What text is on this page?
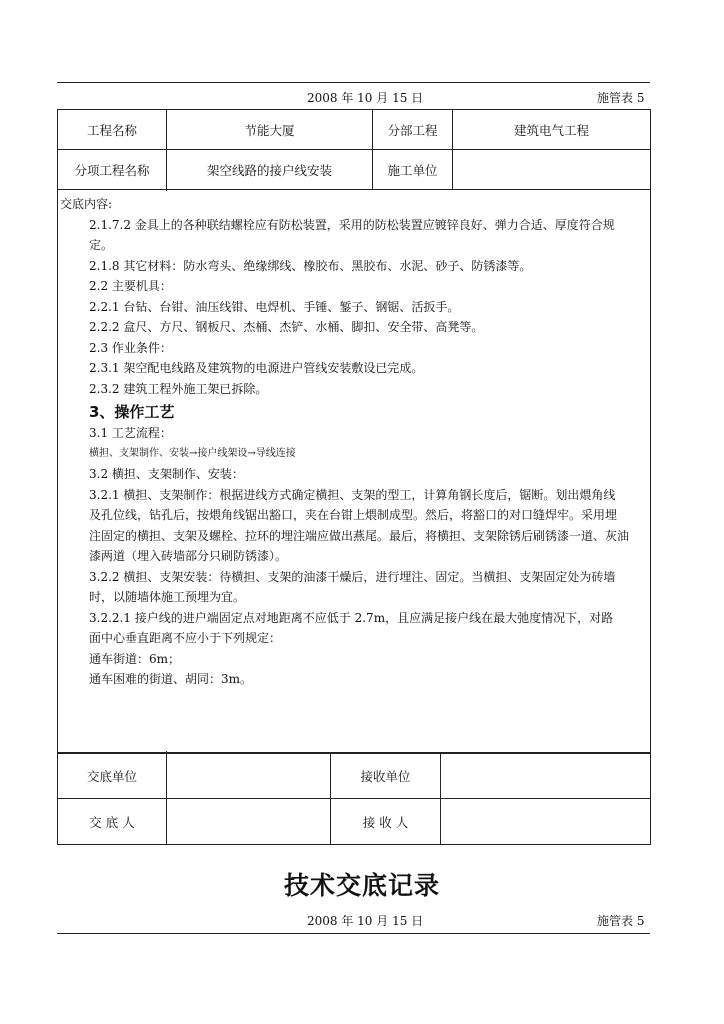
2008 年 10 月 15 日	施管表 5
工程名称	节能大厦	分部工程	建筑电气工程
分项工程名称	架空线路的接户线安装	施工单位	

交底内容:

2.1.7.2 金具上的各种联结螺栓应有防松装置，采用的防松装置应镀锌良好、弹力合适、厚度符合规

定。

2.1.8 其它材料：防水弯头、绝缘绑线、橡胶布、黑胶布、水泥、砂子、防锈漆等。

2.2 主要机具：

2.2.1 台钻、台钳、油压线钳、电焊机、手锤、錾子、钢锯、活扳手。

2.2.2 盒尺、方尺、钢板尺、杰桶、杰铲、水桶、脚扣、安全带、高凳等。

2.3 作业条件：

2.3.1 架空配电线路及建筑物的电源进户管线安装敷设已完成。

2.3.2 建筑工程外施工架已拆除。

3、操作工艺

3.1 工艺流程：

横担、支架制作、安装→接户线架设→导线连接

3.2 横担、支架制作、安装：

3.2.1 横担、支架制作：根据进线方式确定横担、支架的型工，计算角钢长度后，锯断。划出煨角线

及孔位线，钻孔后，按煨角线锯出豁口，夹在台钳上煨制成型。然后，将豁口的对口缝焊牢。采用埋

注固定的横担、支架及螺栓、拉环的埋注端应做出燕尾。最后，将横担、支架除锈后刷锈漆一道、灰油

漆两道（埋入砖墙部分只刷防锈漆）。

3.2.2 横担、支架安装：待横担、支架的油漆干燥后，进行埋注、固定。当横担、支架固定处为砖墙

时，以随墙体施工预埋为宜。

3.2.2.1 接户线的进户端固定点对地距离不应低于 2.7m，且应满足接户线在最大弛度情况下，对路

面中心垂直距离不应小于下列规定：

通车街道：6m；

通车困难的街道、胡同：3m。

交底单位		接收单位	
交 底 人		接 收 人	
技术交底记录
2008 年 10 月 15 日	施管表 5
